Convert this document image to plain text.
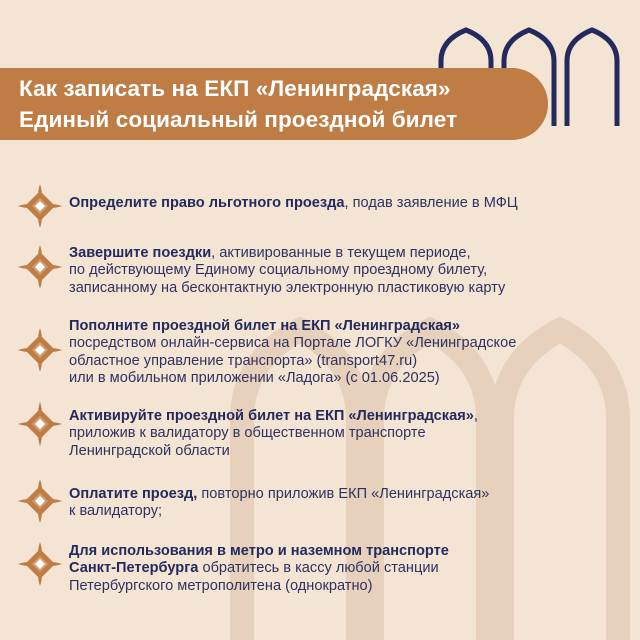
Как записать на ЕКП «Ленинградская»
Единый социальный проездной билет
Определите право льготного проезда, подав заявление в МФЦ
Завершите поездки, активированные в текущем периоде,
по действующему Единому социальному проездному билету,
записанному на бесконтактную электронную пластиковую карту
Пополните проездной билет на ЕКП «Ленинградская»
посредством онлайн-сервиса на Портале ЛОГКУ «Ленинградское
областное управление транспорта» (transport47.ru)
или в мобильном приложении «Ладога» (с 01.06.2025)
Активируйте проездной билет на ЕКП «Ленинградская»,
приложив к валидатору в общественном транспорте
Ленинградской области
Оплатите проезд, повторно приложив ЕКП «Ленинградская»
к валидатору;
Для использования в метро и наземном транспорте
Санкт-Петербурга обратитесь в кассу любой станции
Петербургского метрополитена (однократно)
